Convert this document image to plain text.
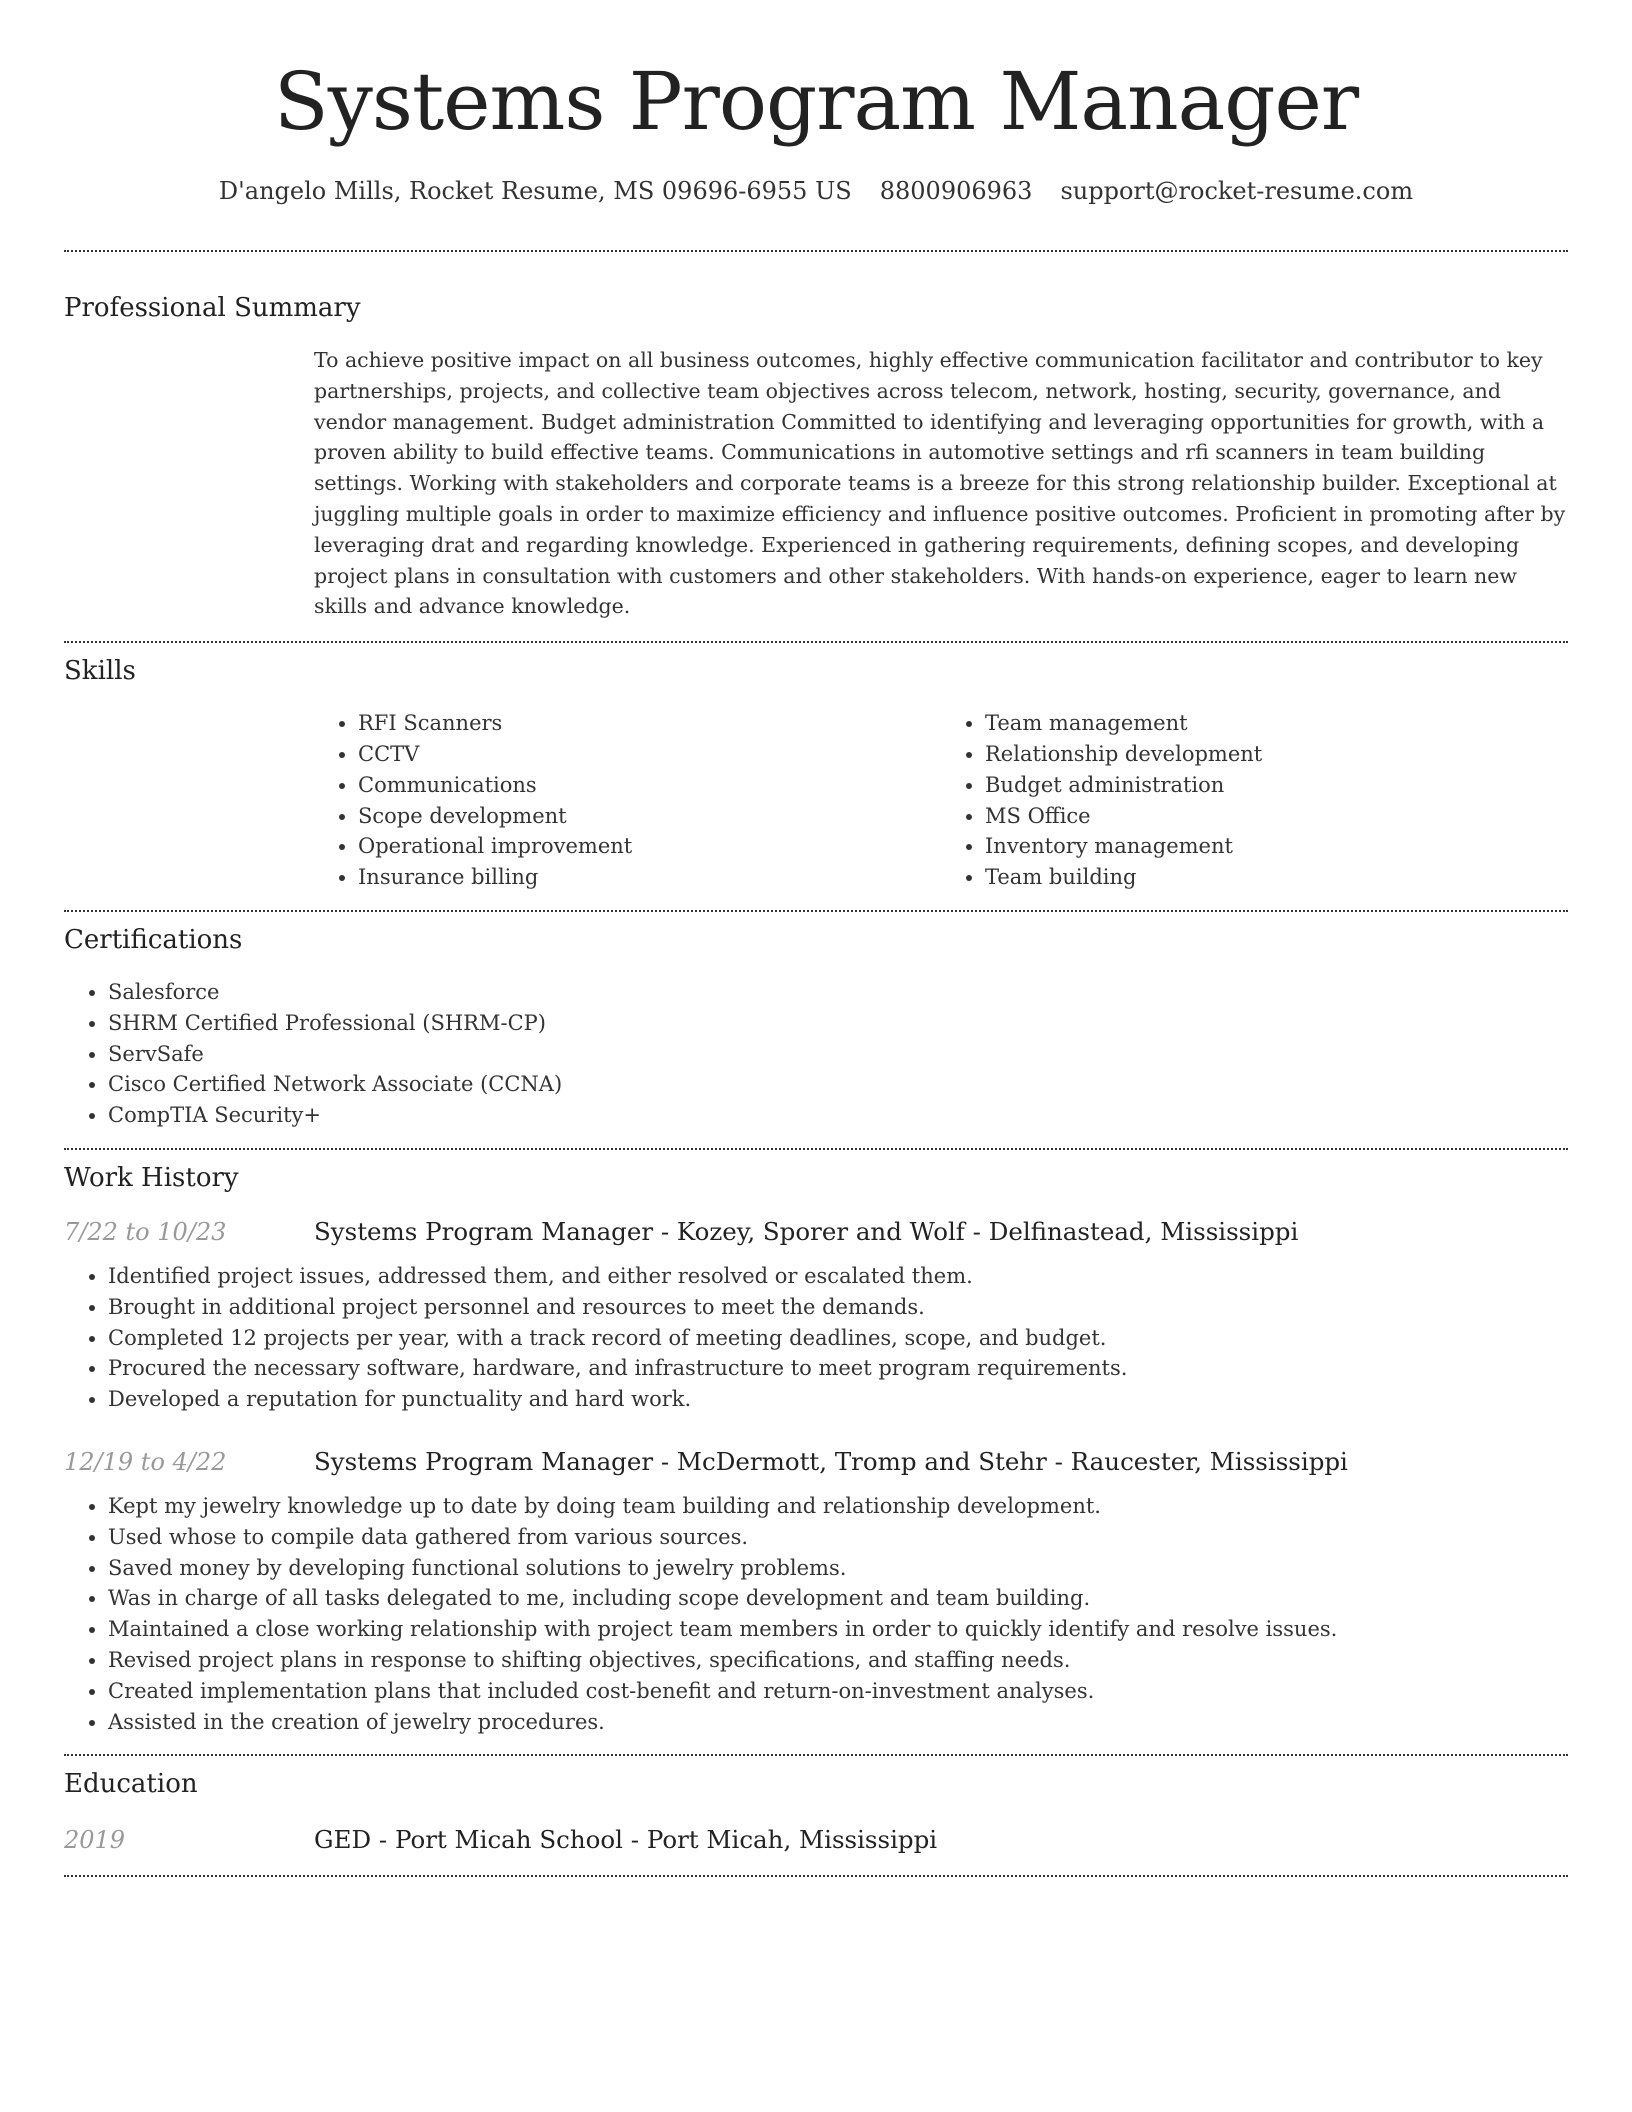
Systems Program Manager
D'angelo Mills, Rocket Resume, MS 09696-6955 US 8800906963 support@rocket-resume.com
Professional Summary

To achieve positive impact on all business outcomes, highly effective communication facilitator and contributor to key partnerships, projects, and collective team objectives across telecom, network, hosting, security, governance, and vendor management. Budget administration Committed to identifying and leveraging opportunities for growth, with a proven ability to build effective teams. Communications in automotive settings and rfi scanners in team building settings. Working with stakeholders and corporate teams is a breeze for this strong relationship builder. Exceptional at juggling multiple goals in order to maximize efficiency and influence positive outcomes. Proficient in promoting after by leveraging drat and regarding knowledge. Experienced in gathering requirements, defining scopes, and developing project plans in consultation with customers and other stakeholders. With hands-on experience, eager to learn new skills and advance knowledge.

Skills
• RFI Scanners
• CCTV
• Communications
• Scope development
• Operational improvement
• Insurance billing
• Team management
• Relationship development
• Budget administration
• MS Office
• Inventory management
• Team building
Certifications
• Salesforce
• SHRM Certified Professional (SHRM-CP)
• ServSafe
• Cisco Certified Network Associate (CCNA)
• CompTIA Security+
Work History
7/22 to 10/23	Systems Program Manager - Kozey, Sporer and Wolf - Delfinastead, Mississippi
• Identified project issues, addressed them, and either resolved or escalated them.
• Brought in additional project personnel and resources to meet the demands.
• Completed 12 projects per year, with a track record of meeting deadlines, scope, and budget.
• Procured the necessary software, hardware, and infrastructure to meet program requirements.
• Developed a reputation for punctuality and hard work.
12/19 to 4/22	Systems Program Manager - McDermott, Tromp and Stehr - Raucester, Mississippi
• Kept my jewelry knowledge up to date by doing team building and relationship development.
• Used whose to compile data gathered from various sources.
• Saved money by developing functional solutions to jewelry problems.
• Was in charge of all tasks delegated to me, including scope development and team building.
• Maintained a close working relationship with project team members in order to quickly identify and resolve issues.
• Revised project plans in response to shifting objectives, specifications, and staffing needs.
• Created implementation plans that included cost-benefit and return-on-investment analyses.
• Assisted in the creation of jewelry procedures.
Education
2019	GED - Port Micah School - Port Micah, Mississippi
